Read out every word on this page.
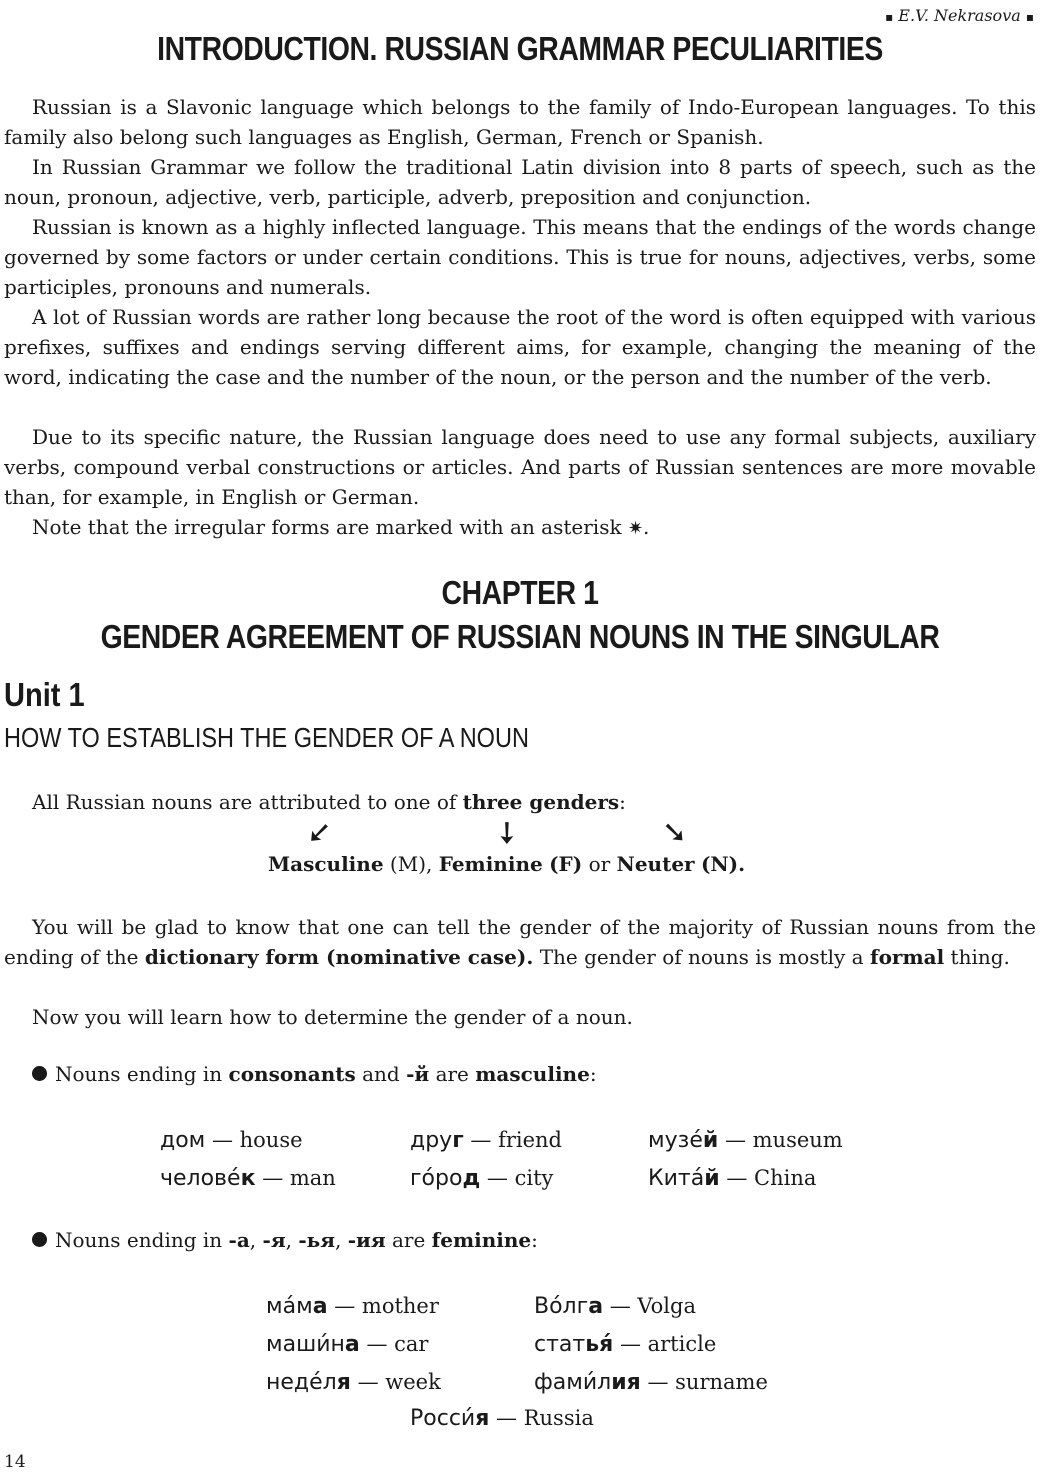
▪ E.V. Nekrasova ▪
INTRODUCTION. RUSSIAN GRAMMAR PECULIARITIES

Russian is a Slavonic language which belongs to the family of Indo-European languages. To this family also belong such languages as English, German, French or Spanish.

In Russian Grammar we follow the traditional Latin division into 8 parts of speech, such as the noun, pronoun, adjective, verb, participle, adverb, preposition and conjunction.

Russian is known as a highly inflected language. This means that the endings of the words change governed by some factors or under certain conditions. This is true for nouns, adjectives, verbs, some participles, pronouns and numerals.

A lot of Russian words are rather long because the root of the word is often equipped with various prefixes, suffixes and endings serving different aims, for example, changing the meaning of the word, indicating the case and the number of the noun, or the person and the number of the verb.

Due to its specific nature, the Russian language does need to use any formal subjects, auxiliary verbs, compound verbal constructions or articles. And parts of Russian sentences are more movable than, for example, in English or German.

Note that the irregular forms are marked with an asterisk ✷.

CHAPTER 1
GENDER AGREEMENT OF RUSSIAN NOUNS IN THE SINGULAR
Unit 1
HOW TO ESTABLISH THE GENDER OF A NOUN
All Russian nouns are attributed to one of three genders:
➘	➙	➘
Masculine (M), Feminine (F) or Neuter (N).

You will be glad to know that one can tell the gender of the majority of Russian nouns from the ending of the dictionary form (nominative case). The gender of nouns is mostly a formal thing.

Now you will learn how to determine the gender of a noun.

Nouns ending in consonants and -й are masculine:
дом — house	друг — friend	музе́й — museum
челове́к — man	го́род — city	Кита́й — China
Nouns ending in -а, -я, -ья, -ия are feminine:
ма́ма — mother	Во́лга — Volga
маши́на — car	статья́ — article
неде́ля — week	фами́лия — surname
Росси́я — Russia
14
